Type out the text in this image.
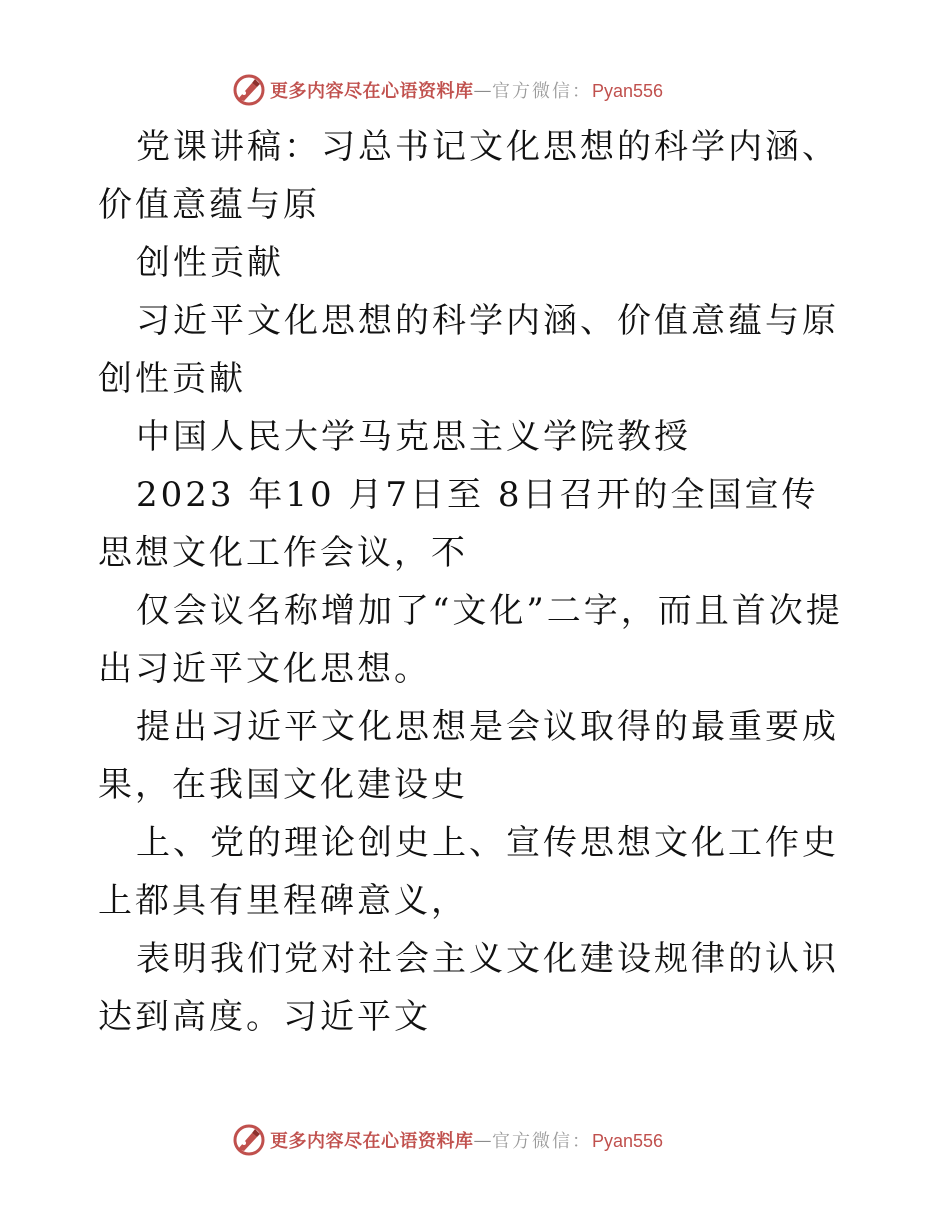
更多内容尽在心语资料库 — 官方微信：Pyan556

党课讲稿：习总书记文化思想的科学内涵、价值意蕴与原

创性贡献

习近平文化思想的科学内涵、价值意蕴与原创性贡献

中国人民大学马克思主义学院教授

2023 年10 月7日至 8日召开的全国宣传思想文化工作会议，不

仅会议名称增加了“文化”二字，而且首次提出习近平文化思想。

提出习近平文化思想是会议取得的最重要成果，在我国文化建设史

上、党的理论创史上、宣传思想文化工作史上都具有里程碑意义，

表明我们党对社会主义文化建设规律的认识达到高度。习近平文

更多内容尽在心语资料库 — 官方微信：Pyan556
